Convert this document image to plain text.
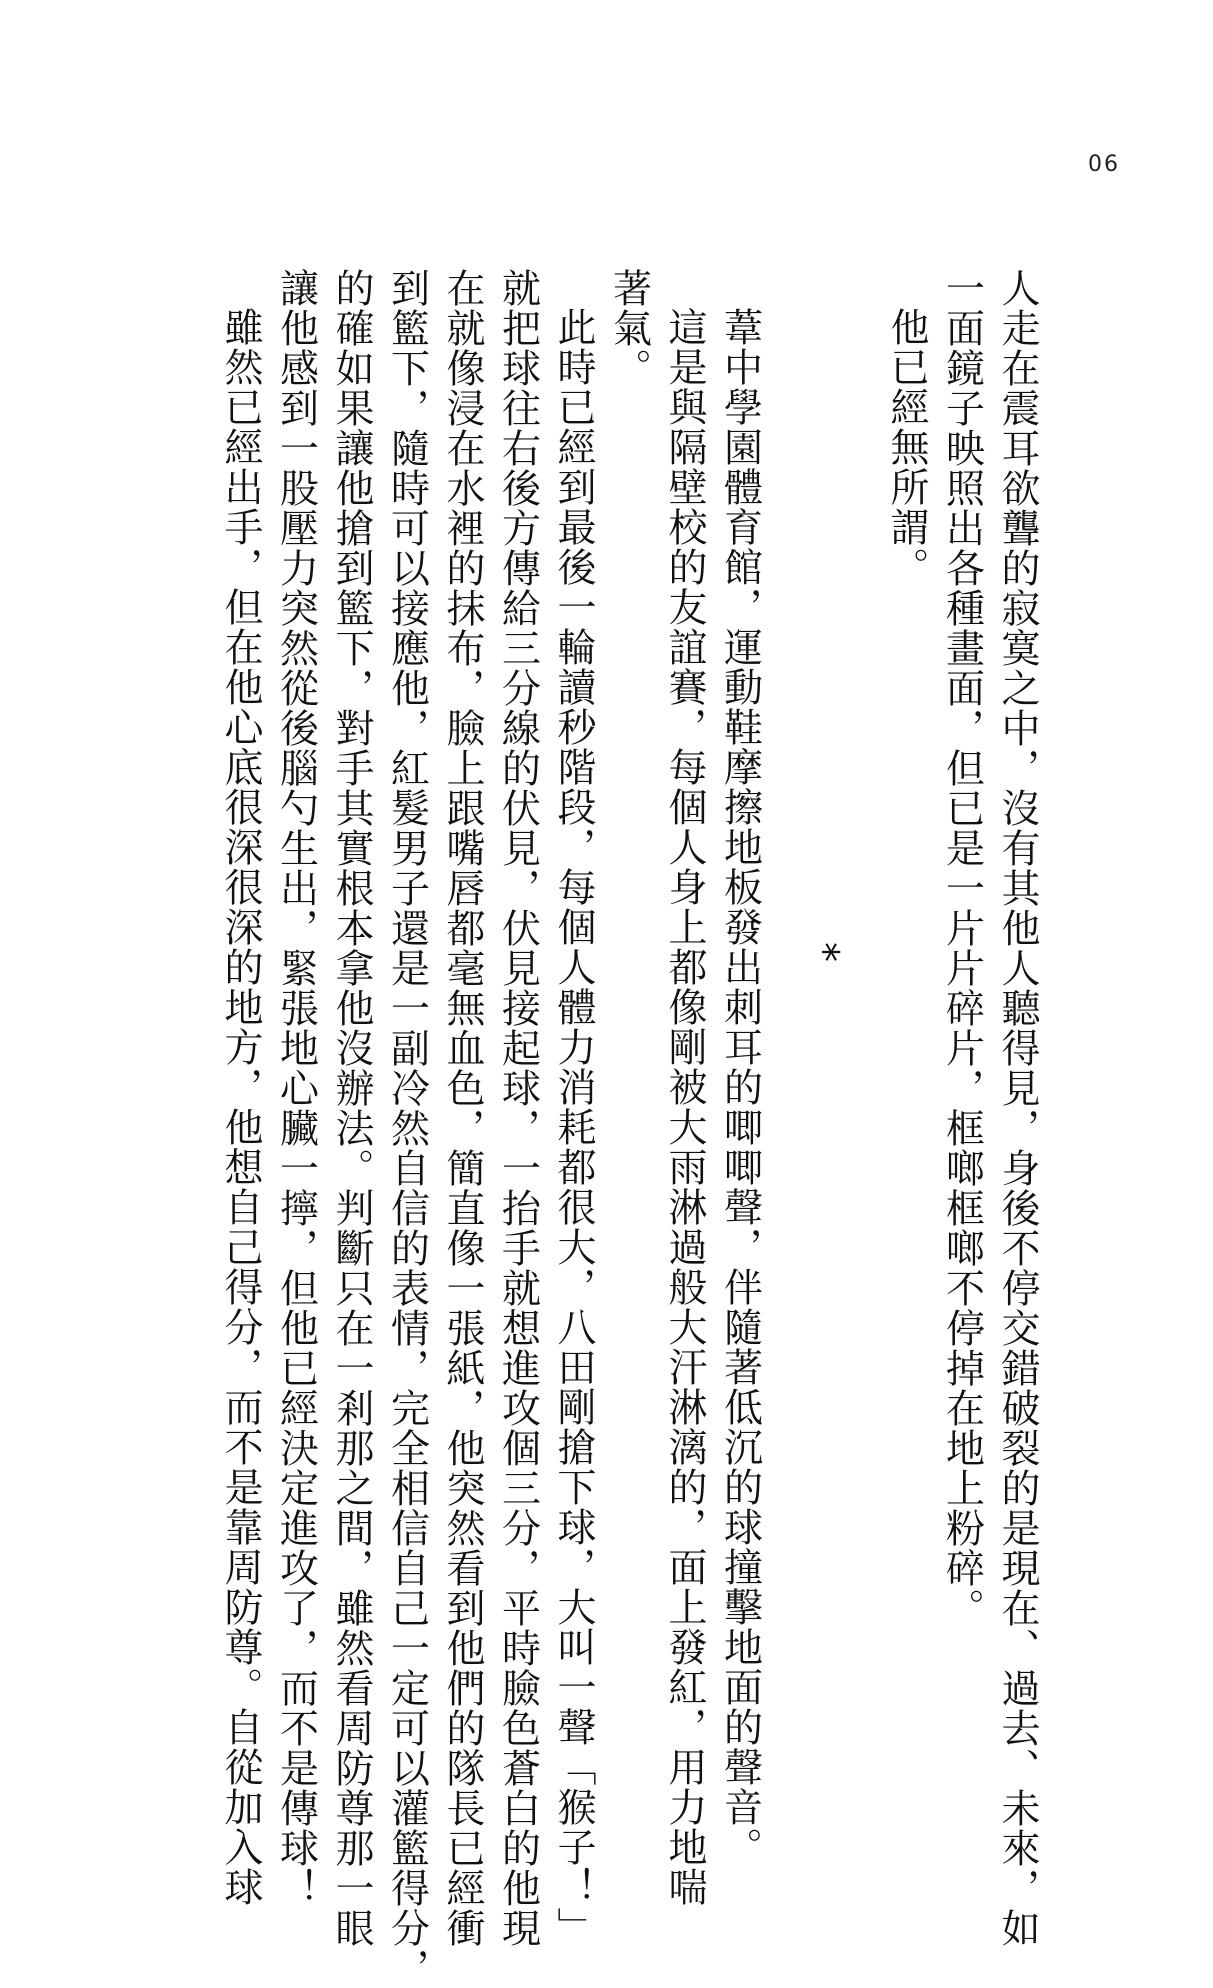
06
人走在震耳欲聾的寂寞之中，沒有其他人聽得見，身後不停交錯破裂的是現在、過去、未來，如
一面鏡子映照出各種畫面，但已是一片片碎片，框啷框啷不停掉在地上粉碎。
他已經無所謂。
*
葦中學園體育館，運動鞋摩擦地板發出刺耳的唧唧聲，伴隨著低沉的球撞擊地面的聲音。
這是與隔壁校的友誼賽，每個人身上都像剛被大雨淋過般大汗淋漓的，面上發紅，用力地喘
著氣。
此時已經到最後一輪讀秒階段，每個人體力消耗都很大，八田剛搶下球，大叫一聲「猴子！」
就把球往右後方傳給三分線的伏見，伏見接起球，一抬手就想進攻個三分，平時臉色蒼白的他現
在就像浸在水裡的抹布，臉上跟嘴唇都毫無血色，簡直像一張紙，他突然看到他們的隊長已經衝
到籃下，隨時可以接應他，紅髮男子還是一副冷然自信的表情，完全相信自己一定可以灌籃得分，
的確如果讓他搶到籃下，對手其實根本拿他沒辦法。判斷只在一剎那之間，雖然看周防尊那一眼
讓他感到一股壓力突然從後腦勺生出，緊張地心臟一擰，但他已經決定進攻了，而不是傳球！
雖然已經出手，但在他心底很深很深的地方，他想自己得分，而不是靠周防尊。自從加入球
